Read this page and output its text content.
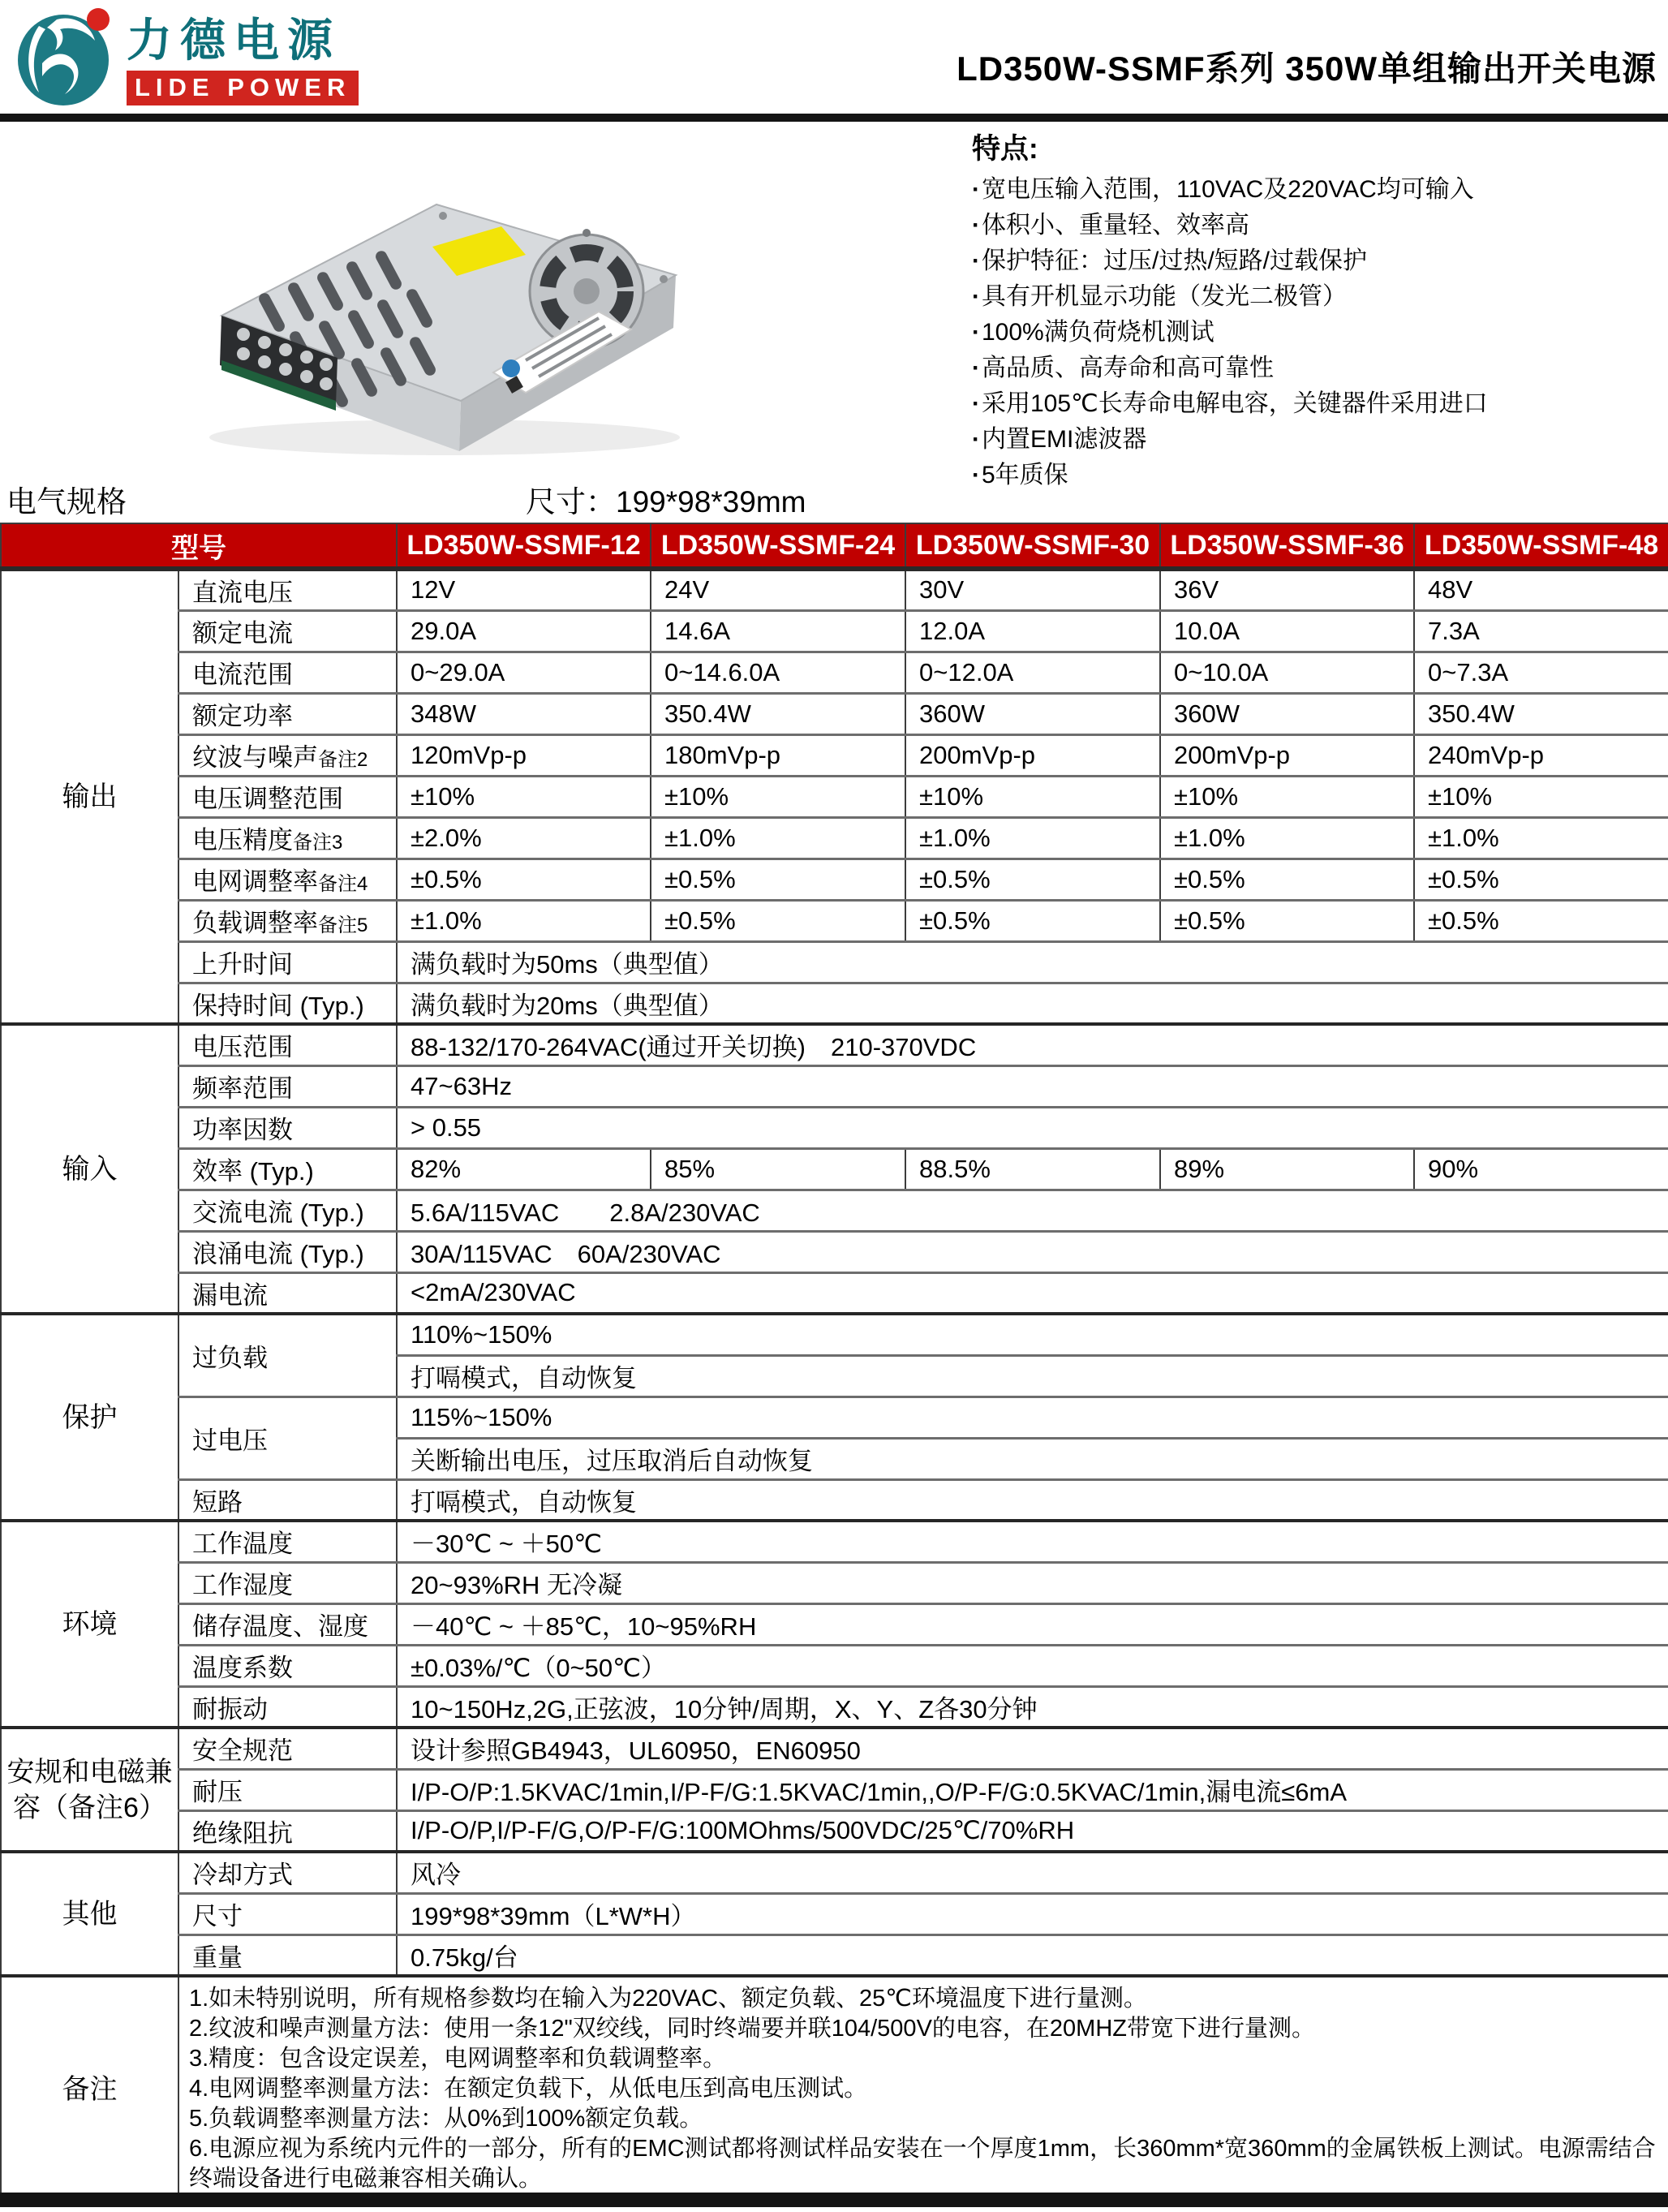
力德电源
LIDE POWER	LD350W-SSMF系列 350W单组输出开关电源
特点:
· 宽电压输入范围，110VAC及220VAC均可输入
· 体积小、重量轻、效率高
· 保护特征：过压/过热/短路/过载保护
· 具有开机显示功能（发光二极管）
· 100%满负荷烧机测试
· 高品质、高寿命和高可靠性
· 采用105℃长寿命电解电容，关键器件采用进口
· 内置EMI滤波器
· 5年质保
电气规格	尺寸：199*98*39mm
型号		LD350W-SSMF-12	LD350W-SSMF-24	LD350W-SSMF-30	LD350W-SSMF-36	LD350W-SSMF-48
输出	直流电压	12V	24V	30V	36V	48V
	额定电流	29.0A	14.6A	12.0A	10.0A	7.3A
	电流范围	0~29.0A	0~14.6.0A	0~12.0A	0~10.0A	0~7.3A
	额定功率	348W	350.4W	360W	360W	350.4W
	纹波与噪声备注2	120mVp-p	180mVp-p	200mVp-p	200mVp-p	240mVp-p
	电压调整范围	±10%	±10%	±10%	±10%	±10%
	电压精度备注3	±2.0%	±1.0%	±1.0%	±1.0%	±1.0%
	电网调整率备注4	±0.5%	±0.5%	±0.5%	±0.5%	±0.5%
	负载调整率备注5	±1.0%	±0.5%	±0.5%	±0.5%	±0.5%
	上升时间	满负载时为50ms（典型值）				
	保持时间 (Typ.)	满负载时为20ms（典型值）				
输入	电压范围	88-132/170-264VAC(通过开关切换)　210-370VDC				
	频率范围	47~63Hz				
	功率因数	> 0.55				
	效率 (Typ.)	82%	85%	88.5%	89%	90%
	交流电流 (Typ.)	5.6A/115VAC　　2.8A/230VAC				
	浪涌电流 (Typ.)	30A/115VAC　60A/230VAC				
	漏电流	<2mA/230VAC				
保护	过负载	110%~150%				
		打嗝模式，自动恢复				
	过电压	115%~150%				
		关断输出电压，过压取消后自动恢复				
	短路	打嗝模式，自动恢复				
环境	工作温度	－30℃ ~ ＋50℃				
	工作湿度	20~93%RH 无冷凝				
	储存温度、湿度	－40℃ ~ ＋85℃，10~95%RH				
	温度系数	±0.03%/℃（0~50℃）				
	耐振动	10~150Hz,2G,正弦波，10分钟/周期，X、Y、Z各30分钟				
安规和电磁兼容（备注6）	安全规范	设计参照GB4943，UL60950，EN60950				
	耐压	I/P-O/P:1.5KVAC/1min,I/P-F/G:1.5KVAC/1min,,O/P-F/G:0.5KVAC/1min,漏电流≤6mA				
	绝缘阻抗	I/P-O/P,I/P-F/G,O/P-F/G:100MOhms/500VDC/25℃/70%RH				
其他	冷却方式	风冷				
	尺寸	199*98*39mm（L*W*H）				
	重量	0.75kg/台				
备注	
1.如未特别说明，所有规格参数均在输入为220VAC、额定负载、25℃环境温度下进行量测。
2.纹波和噪声测量方法：使用一条12"双绞线，同时终端要并联104/500V的电容，在20MHZ带宽下进行量测。
3.精度：包含设定误差，电网调整率和负载调整率。
4.电网调整率测量方法：在额定负载下，从低电压到高电压测试。
5.负载调整率测量方法：从0%到100%额定负载。
6.电源应视为系统内元件的一部分，所有的EMC测试都将测试样品安装在一个厚度1mm，长360mm*宽360mm的金属铁板上测试。电源需结合终端设备进行电磁兼容相关确认。
